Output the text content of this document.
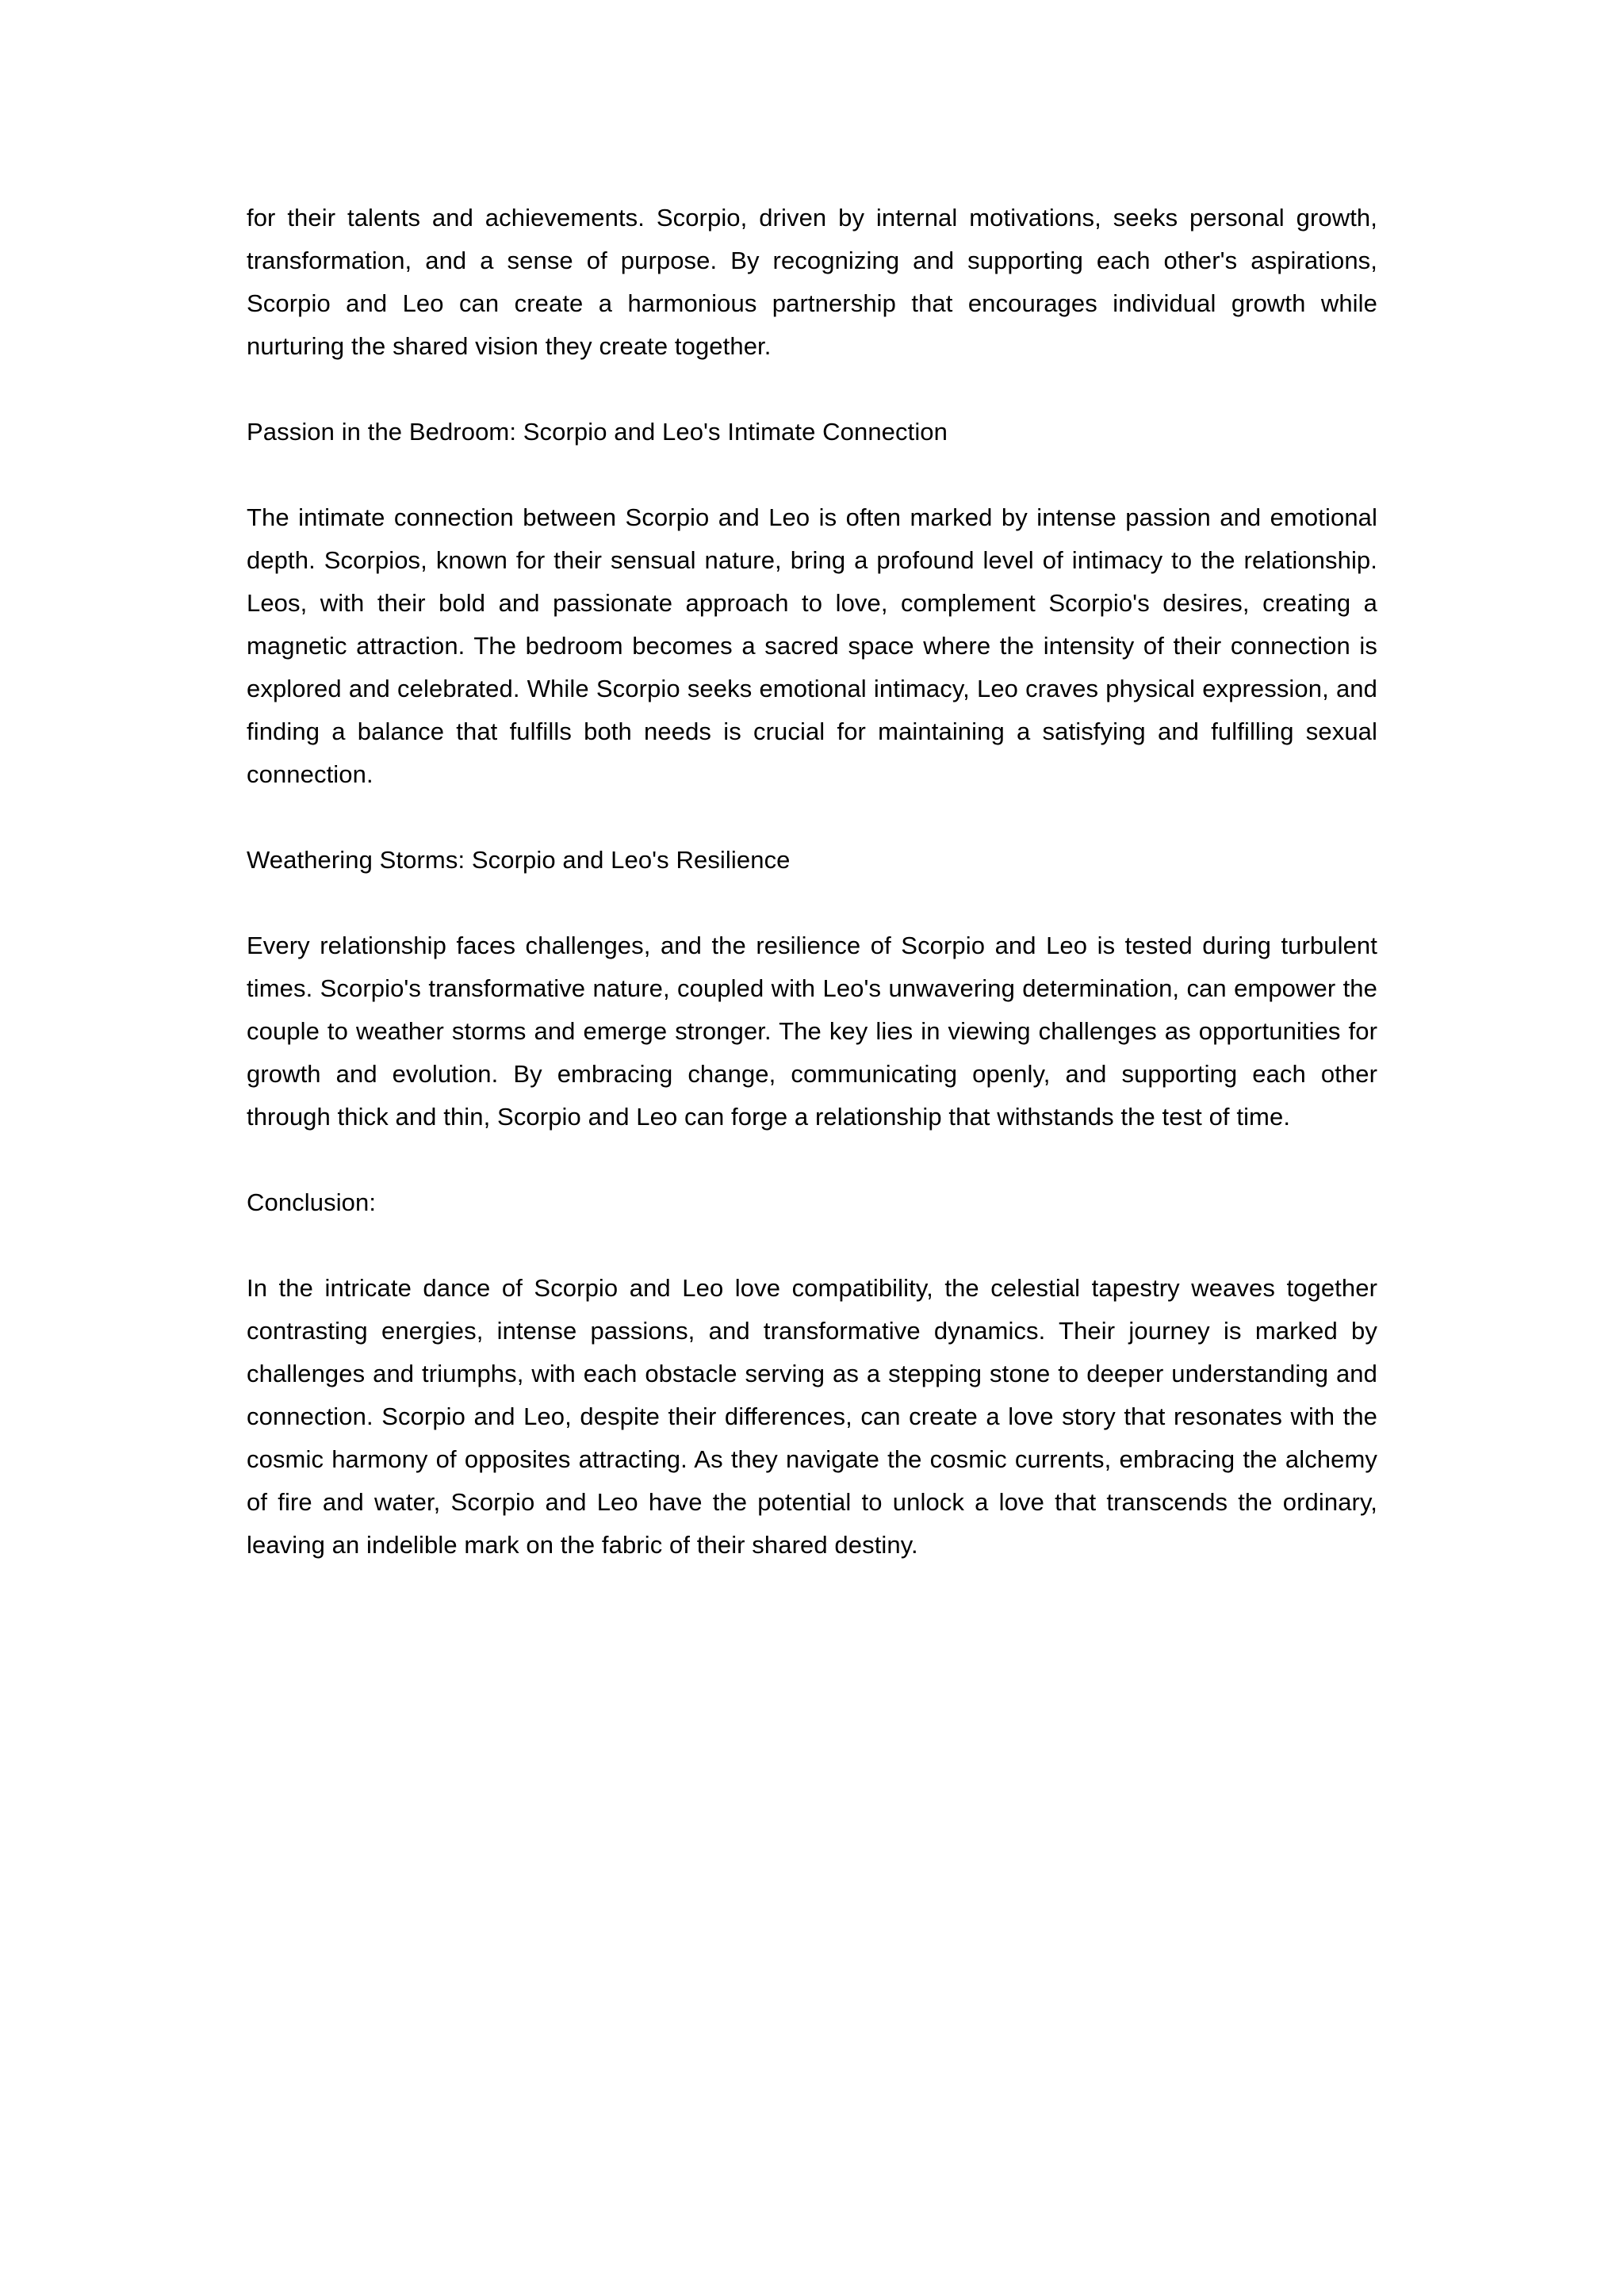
for their talents and achievements. Scorpio, driven by internal motivations, seeks personal growth, transformation, and a sense of purpose. By recognizing and supporting each other's aspirations, Scorpio and Leo can create a harmonious partnership that encourages individual growth while nurturing the shared vision they create together.

Passion in the Bedroom: Scorpio and Leo's Intimate Connection

The intimate connection between Scorpio and Leo is often marked by intense passion and emotional depth. Scorpios, known for their sensual nature, bring a profound level of intimacy to the relationship. Leos, with their bold and passionate approach to love, complement Scorpio's desires, creating a magnetic attraction. The bedroom becomes a sacred space where the intensity of their connection is explored and celebrated. While Scorpio seeks emotional intimacy, Leo craves physical expression, and finding a balance that fulfills both needs is crucial for maintaining a satisfying and fulfilling sexual connection.

Weathering Storms: Scorpio and Leo's Resilience

Every relationship faces challenges, and the resilience of Scorpio and Leo is tested during turbulent times. Scorpio's transformative nature, coupled with Leo's unwavering determination, can empower the couple to weather storms and emerge stronger. The key lies in viewing challenges as opportunities for growth and evolution. By embracing change, communicating openly, and supporting each other through thick and thin, Scorpio and Leo can forge a relationship that withstands the test of time.

Conclusion:

In the intricate dance of Scorpio and Leo love compatibility, the celestial tapestry weaves together contrasting energies, intense passions, and transformative dynamics. Their journey is marked by challenges and triumphs, with each obstacle serving as a stepping stone to deeper understanding and connection. Scorpio and Leo, despite their differences, can create a love story that resonates with the cosmic harmony of opposites attracting. As they navigate the cosmic currents, embracing the alchemy of fire and water, Scorpio and Leo have the potential to unlock a love that transcends the ordinary, leaving an indelible mark on the fabric of their shared destiny.
